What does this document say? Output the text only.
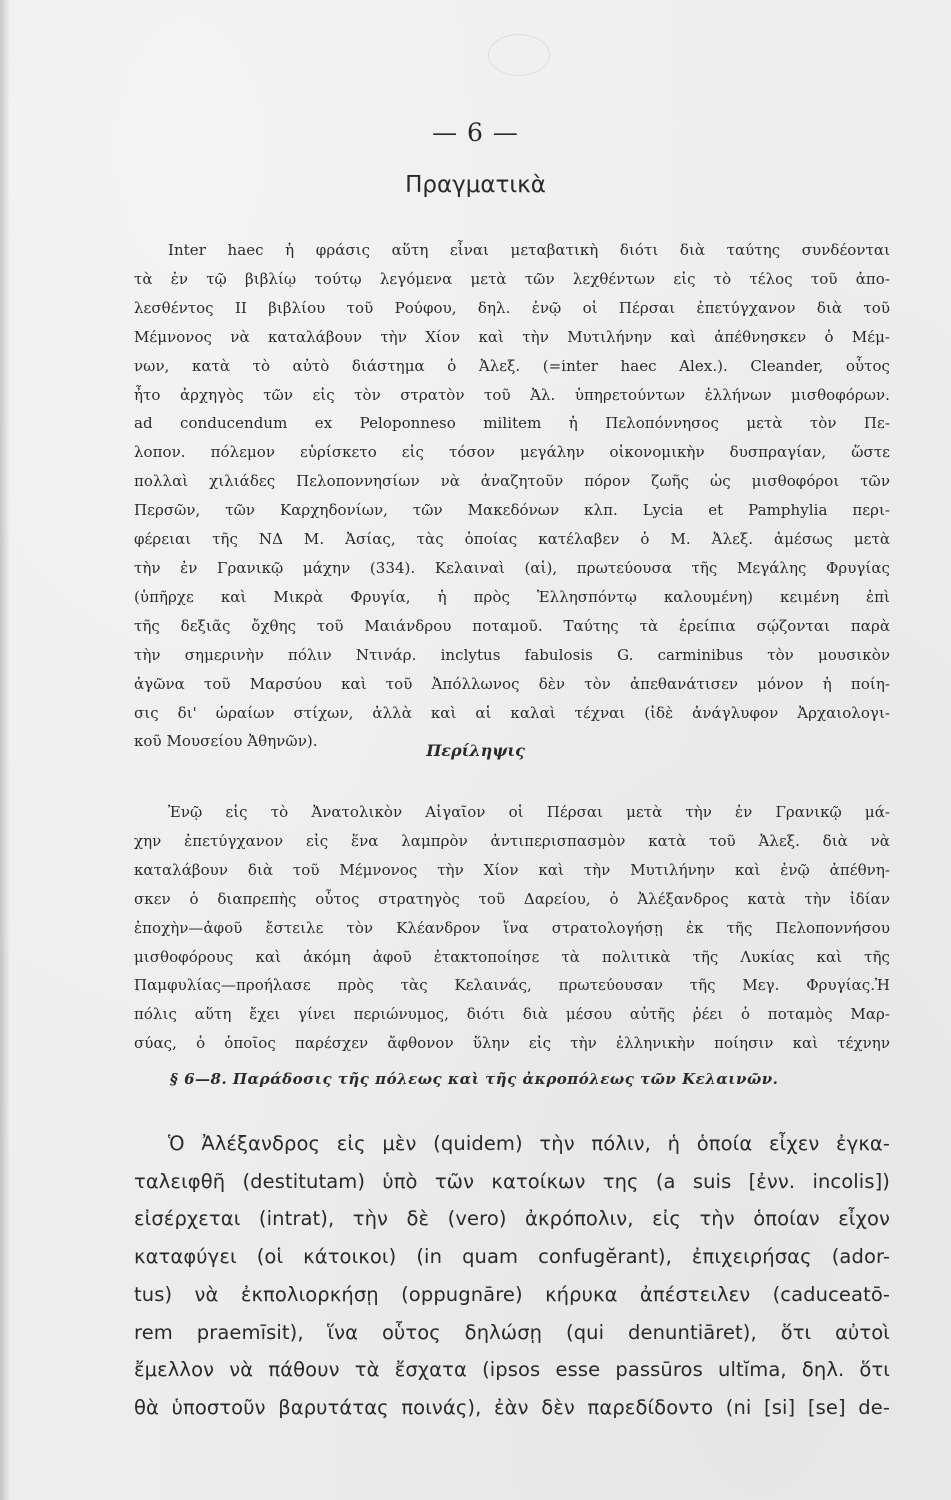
— 6 —
Πραγματικὰ
Inter haec ἡ φράσις αὕτη εἶναι μεταβατικὴ διότι διὰ ταύτης συνδέονται
τὰ ἐν τῷ βιβλίῳ τούτῳ λεγόμενα μετὰ τῶν λεχθέντων εἰς τὸ τέλος τοῦ ἀπο-
λεσθέντος II βιβλίου τοῦ Ρούφου, δηλ. ἐνῷ οἱ Πέρσαι ἐπετύγχανον διὰ τοῦ
Μέμνονος νὰ καταλάβουν τὴν Χίον καὶ τὴν Μυτιλήνην καὶ ἀπέθνησκεν ὁ Μέμ-
νων, κατὰ τὸ αὐτὸ διάστημα ὁ Ἀλεξ. (=inter haec Alex.). Cleander, οὗτος
ἦτο ἀρχηγὸς τῶν εἰς τὸν στρατὸν τοῦ Ἀλ. ὑπηρετούντων ἑλλήνων μισθοφόρων.
ad conducendum ex Peloponneso militem ἡ Πελοπόννησος μετὰ τὸν Πε-
λοπον. πόλεμον εὑρίσκετο εἰς τόσον μεγάλην οἰκονομικὴν δυσπραγίαν, ὥστε
πολλαὶ χιλιάδες Πελοποννησίων νὰ ἀναζητοῦν πόρον ζωῆς ὡς μισθοφόροι τῶν
Περσῶν, τῶν Καρχηδονίων, τῶν Μακεδόνων κλπ. Lycia et Pamphylia περι-
φέρειαι τῆς ΝΔ Μ. Ἀσίας, τὰς ὁποίας κατέλαβεν ὁ Μ. Ἀλεξ. ἀμέσως μετὰ
τὴν ἐν Γρανικῷ μάχην (334). Κελαιναὶ (αἱ), πρωτεύουσα τῆς Μεγάλης Φρυγίας
(ὑπῆρχε καὶ Μικρὰ Φρυγία, ἡ πρὸς Ἑλλησπόντῳ καλουμένη) κειμένη ἐπὶ
τῆς δεξιᾶς ὄχθης τοῦ Μαιάνδρου ποταμοῦ. Ταύτης τὰ ἐρείπια σῴζονται παρὰ
τὴν σημερινὴν πόλιν Ντινάρ. inclytus fabulosis G. carminibus τὸν μουσικὸν
ἀγῶνα τοῦ Μαρσύου καὶ τοῦ Ἀπόλλωνος δὲν τὸν ἀπεθανάτισεν μόνον ἡ ποίη-
σις δι' ὡραίων στίχων, ἀλλὰ καὶ αἱ καλαὶ τέχναι (ἰδὲ ἀνάγλυφον Ἀρχαιολογι-
κοῦ Μουσείου Ἀθηνῶν).	Περίληψις
Ἐνῷ εἰς τὸ Ἀνατολικὸν Αἰγαῖον οἱ Πέρσαι μετὰ τὴν ἐν Γρανικῷ μά-
χην ἐπετύγχανον εἰς ἕνα λαμπρὸν ἀντιπερισπασμὸν κατὰ τοῦ Ἀλεξ. διὰ νὰ
καταλάβουν διὰ τοῦ Μέμνονος τὴν Χίον καὶ τὴν Μυτιλήνην καὶ ἐνῷ ἀπέθνη-
σκεν ὁ διαπρεπὴς οὗτος στρατηγὸς τοῦ Δαρείου, ὁ Ἀλέξανδρος κατὰ τὴν ἰδίαν
ἐποχὴν—ἀφοῦ ἔστειλε τὸν Κλέανδρον ἵνα στρατολογήσῃ ἐκ τῆς Πελοποννήσου
μισθοφόρους καὶ ἀκόμη ἀφοῦ ἐτακτοποίησε τὰ πολιτικὰ τῆς Λυκίας καὶ τῆς
Παμφυλίας—προήλασε πρὸς τὰς Κελαινάς, πρωτεύουσαν τῆς Μεγ. Φρυγίας.Ἡ
πόλις αὕτη ἔχει γίνει περιώνυμος, διότι διὰ μέσου αὐτῆς ῥέει ὁ ποταμὸς Μαρ-
σύας, ὁ ὁποῖος παρέσχεν ἄφθονον ὕλην εἰς τὴν ἑλληνικὴν ποίησιν καὶ τέχνην
§ 6—8. Παράδοσις τῆς πόλεως καὶ τῆς ἀκροπόλεως τῶν Κελαινῶν.
Ὁ Ἀλέξανδρος εἰς μὲν (quidem) τὴν πόλιν, ἡ ὁποία εἶχεν ἐγκα-
ταλειφθῆ (destitutam) ὑπὸ τῶν κατοίκων της (a suis [ἐνν. incolis])
εἰσέρχεται (intrat), τὴν δὲ (vero) ἀκρόπολιν, εἰς τὴν ὁποίαν εἶχον
καταφύγει (οἱ κάτοικοι) (in quam confugĕrant), ἐπιχειρήσας (ador-
tus) νὰ ἐκπολιορκήσῃ (oppugnāre) κήρυκα ἀπέστειλεν (caduceatō-
rem praemīsit), ἵνα οὗτος δηλώσῃ (qui denuntiāret), ὅτι αὐτοὶ
ἔμελλον νὰ πάθουν τὰ ἔσχατα (ipsos esse passūros ultĭma, δηλ. ὅτι
θὰ ὑποστοῦν βαρυτάτας ποινάς), ἐὰν δὲν παρεδίδοντο (ni [si] [se] de-
